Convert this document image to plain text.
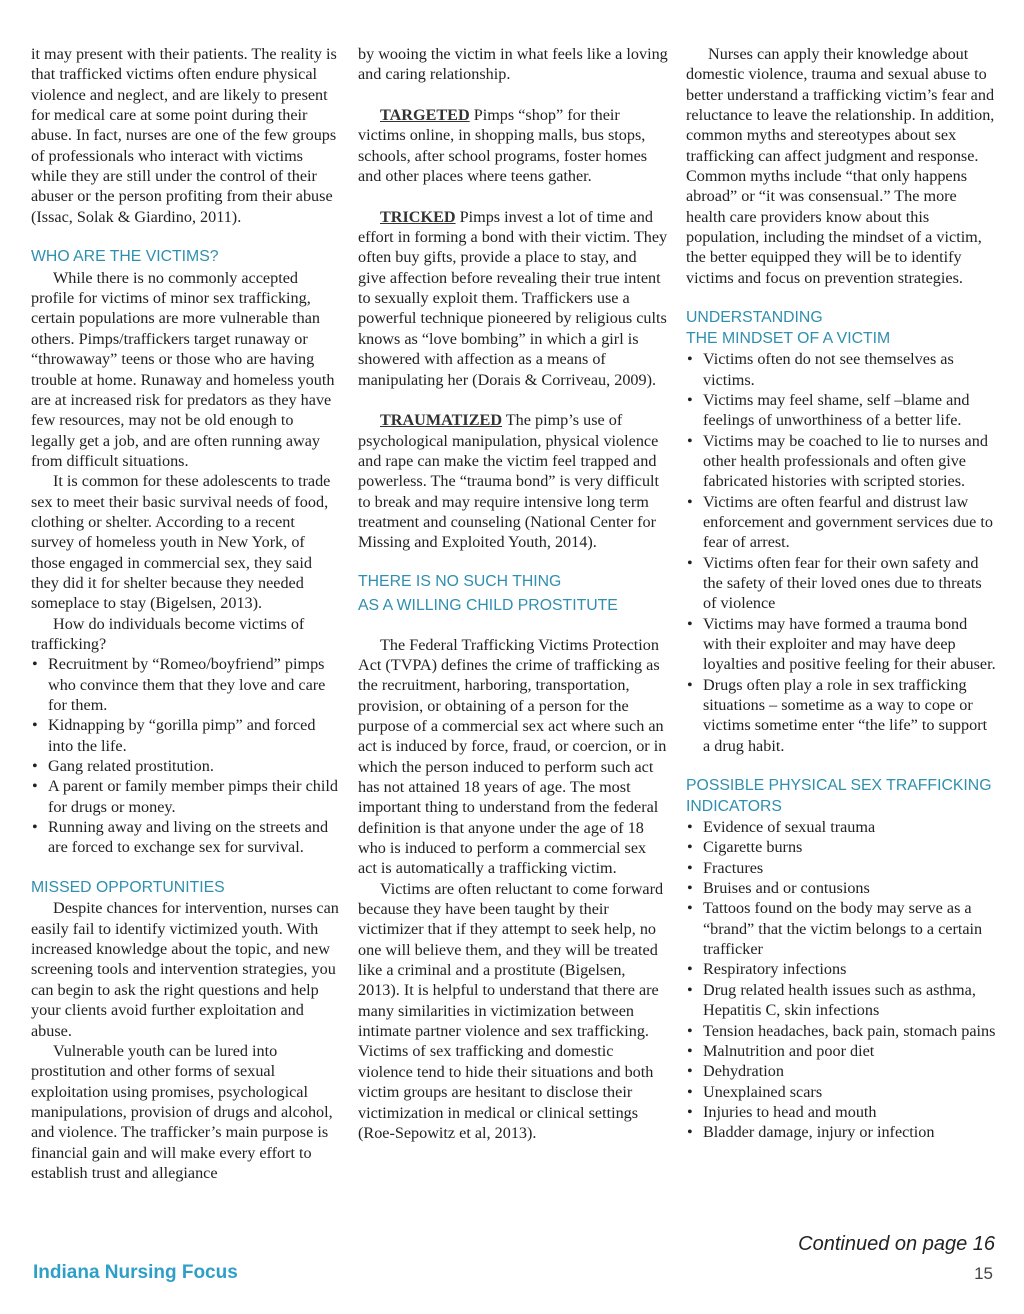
it may present with their patients. The reality is that trafficked victims often endure physical violence and neglect, and are likely to present for medical care at some point during their abuse. In fact, nurses are one of the few groups of professionals who interact with victims while they are still under the control of their abuser or the person profiting from their abuse (Issac, Solak & Giardino, 2011).

WHO ARE THE VICTIMS?

While there is no commonly accepted profile for victims of minor sex trafficking, certain populations are more vulnerable than others. Pimps/traffickers target runaway or “throwaway” teens or those who are having trouble at home. Runaway and homeless youth are at increased risk for predators as they have few resources, may not be old enough to legally get a job, and are often running away from difficult situations.

It is common for these adolescents to trade sex to meet their basic survival needs of food, clothing or shelter. According to a recent survey of homeless youth in New York, of those engaged in commercial sex, they said they did it for shelter because they needed someplace to stay (Bigelsen, 2013).

How do individuals become victims of trafficking?

• Recruitment by “Romeo/boyfriend” pimps who convince them that they love and care for them.
• Kidnapping by “gorilla pimp” and forced into the life.
• Gang related prostitution.
• A parent or family member pimps their child for drugs or money.
• Running away and living on the streets and are forced to exchange sex for survival.
MISSED OPPORTUNITIES

Despite chances for intervention, nurses can easily fail to identify victimized youth. With increased knowledge about the topic, and new screening tools and intervention strategies, you can begin to ask the right questions and help your clients avoid further exploitation and abuse.

Vulnerable youth can be lured into prostitution and other forms of sexual exploitation using promises, psychological manipulations, provision of drugs and alcohol, and violence. The trafficker’s main purpose is financial gain and will make every effort to establish trust and allegiance

by wooing the victim in what feels like a loving and caring relationship.

TARGETED Pimps “shop” for their victims online, in shopping malls, bus stops, schools, after school programs, foster homes and other places where teens gather.

TRICKED Pimps invest a lot of time and effort in forming a bond with their victim. They often buy gifts, provide a place to stay, and give affection before revealing their true intent to sexually exploit them. Traffickers use a powerful technique pioneered by religious cults knows as “love bombing” in which a girl is showered with affection as a means of manipulating her (Dorais & Corriveau, 2009).

TRAUMATIZED The pimp’s use of psychological manipulation, physical violence and rape can make the victim feel trapped and powerless. The “trauma bond” is very difficult to break and may require intensive long term treatment and counseling (National Center for Missing and Exploited Youth, 2014).

THERE IS NO SUCH THING
AS A WILLING CHILD PROSTITUTE

The Federal Trafficking Victims Protection Act (TVPA) defines the crime of trafficking as the recruitment, harboring, transportation, provision, or obtaining of a person for the purpose of a commercial sex act where such an act is induced by force, fraud, or coercion, or in which the person induced to perform such act has not attained 18 years of age. The most important thing to understand from the federal definition is that anyone under the age of 18 who is induced to perform a commercial sex act is automatically a trafficking victim.

Victims are often reluctant to come forward because they have been taught by their victimizer that if they attempt to seek help, no one will believe them, and they will be treated like a criminal and a prostitute (Bigelsen, 2013). It is helpful to understand that there are many similarities in victimization between intimate partner violence and sex trafficking. Victims of sex trafficking and domestic violence tend to hide their situations and both victim groups are hesitant to disclose their victimization in medical or clinical settings (Roe-Sepowitz et al, 2013).

Nurses can apply their knowledge about domestic violence, trauma and sexual abuse to better understand a trafficking victim’s fear and reluctance to leave the relationship. In addition, common myths and stereotypes about sex trafficking can affect judgment and response. Common myths include “that only happens abroad” or “it was consensual.” The more health care providers know about this population, including the mindset of a victim, the better equipped they will be to identify victims and focus on prevention strategies.

UNDERSTANDING
THE MINDSET OF A VICTIM
• Victims often do not see themselves as victims.
• Victims may feel shame, self –blame and feelings of unworthiness of a better life.
• Victims may be coached to lie to nurses and other health professionals and often give fabricated histories with scripted stories.
• Victims are often fearful and distrust law enforcement and government services due to fear of arrest.
• Victims often fear for their own safety and the safety of their loved ones due to threats of violence
• Victims may have formed a trauma bond with their exploiter and may have deep loyalties and positive feeling for their abuser.
• Drugs often play a role in sex trafficking situations – sometime as a way to cope or victims sometime enter “the life” to support a drug habit.
POSSIBLE PHYSICAL SEX TRAFFICKING INDICATORS
• Evidence of sexual trauma
• Cigarette burns
• Fractures
• Bruises and or contusions
• Tattoos found on the body may serve as a “brand” that the victim belongs to a certain trafficker
• Respiratory infections
• Drug related health issues such as asthma, Hepatitis C, skin infections
• Tension headaches, back pain, stomach pains
• Malnutrition and poor diet
• Dehydration
• Unexplained scars
• Injuries to head and mouth
• Bladder damage, injury or infection
Continued on page 16
Indiana Nursing Focus	15
